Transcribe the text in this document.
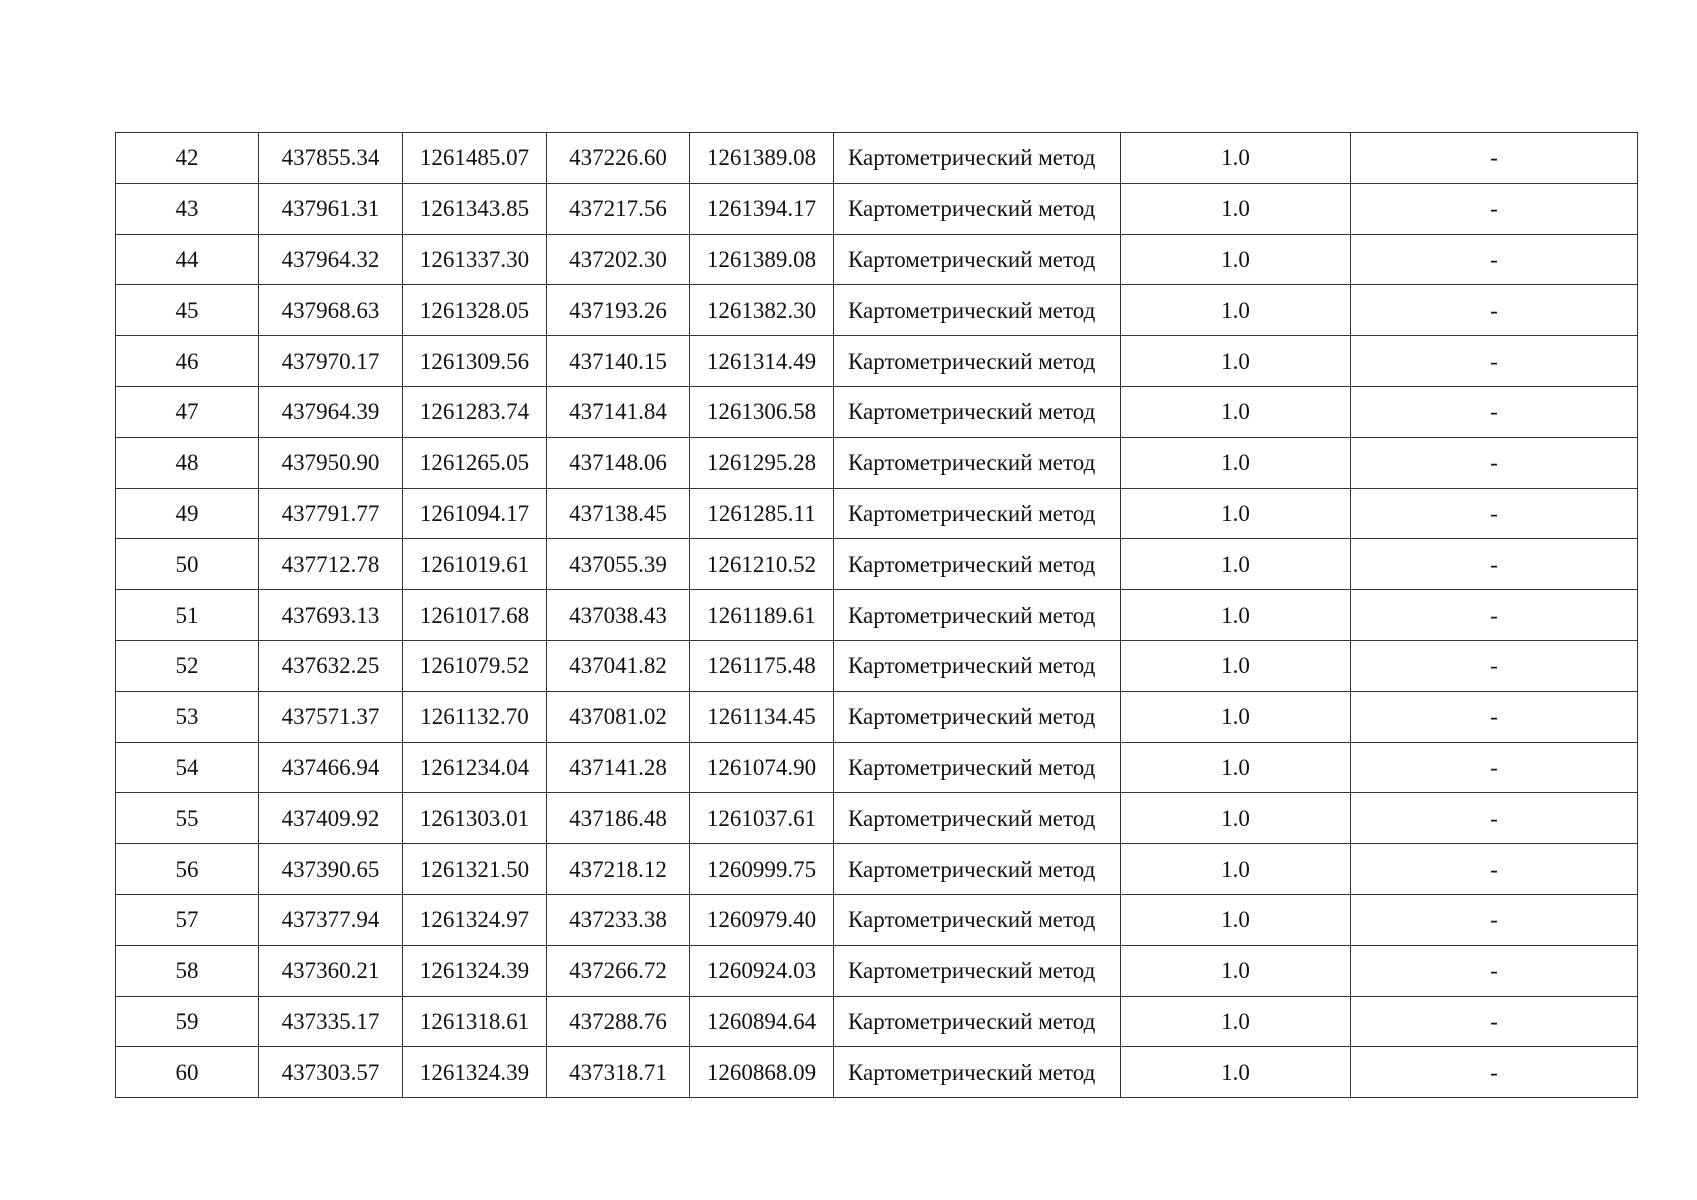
42	437855.34	1261485.07	437226.60	1261389.08	Картометрический метод	1.0	-
43	437961.31	1261343.85	437217.56	1261394.17	Картометрический метод	1.0	-
44	437964.32	1261337.30	437202.30	1261389.08	Картометрический метод	1.0	-
45	437968.63	1261328.05	437193.26	1261382.30	Картометрический метод	1.0	-
46	437970.17	1261309.56	437140.15	1261314.49	Картометрический метод	1.0	-
47	437964.39	1261283.74	437141.84	1261306.58	Картометрический метод	1.0	-
48	437950.90	1261265.05	437148.06	1261295.28	Картометрический метод	1.0	-
49	437791.77	1261094.17	437138.45	1261285.11	Картометрический метод	1.0	-
50	437712.78	1261019.61	437055.39	1261210.52	Картометрический метод	1.0	-
51	437693.13	1261017.68	437038.43	1261189.61	Картометрический метод	1.0	-
52	437632.25	1261079.52	437041.82	1261175.48	Картометрический метод	1.0	-
53	437571.37	1261132.70	437081.02	1261134.45	Картометрический метод	1.0	-
54	437466.94	1261234.04	437141.28	1261074.90	Картометрический метод	1.0	-
55	437409.92	1261303.01	437186.48	1261037.61	Картометрический метод	1.0	-
56	437390.65	1261321.50	437218.12	1260999.75	Картометрический метод	1.0	-
57	437377.94	1261324.97	437233.38	1260979.40	Картометрический метод	1.0	-
58	437360.21	1261324.39	437266.72	1260924.03	Картометрический метод	1.0	-
59	437335.17	1261318.61	437288.76	1260894.64	Картометрический метод	1.0	-
60	437303.57	1261324.39	437318.71	1260868.09	Картометрический метод	1.0	-
